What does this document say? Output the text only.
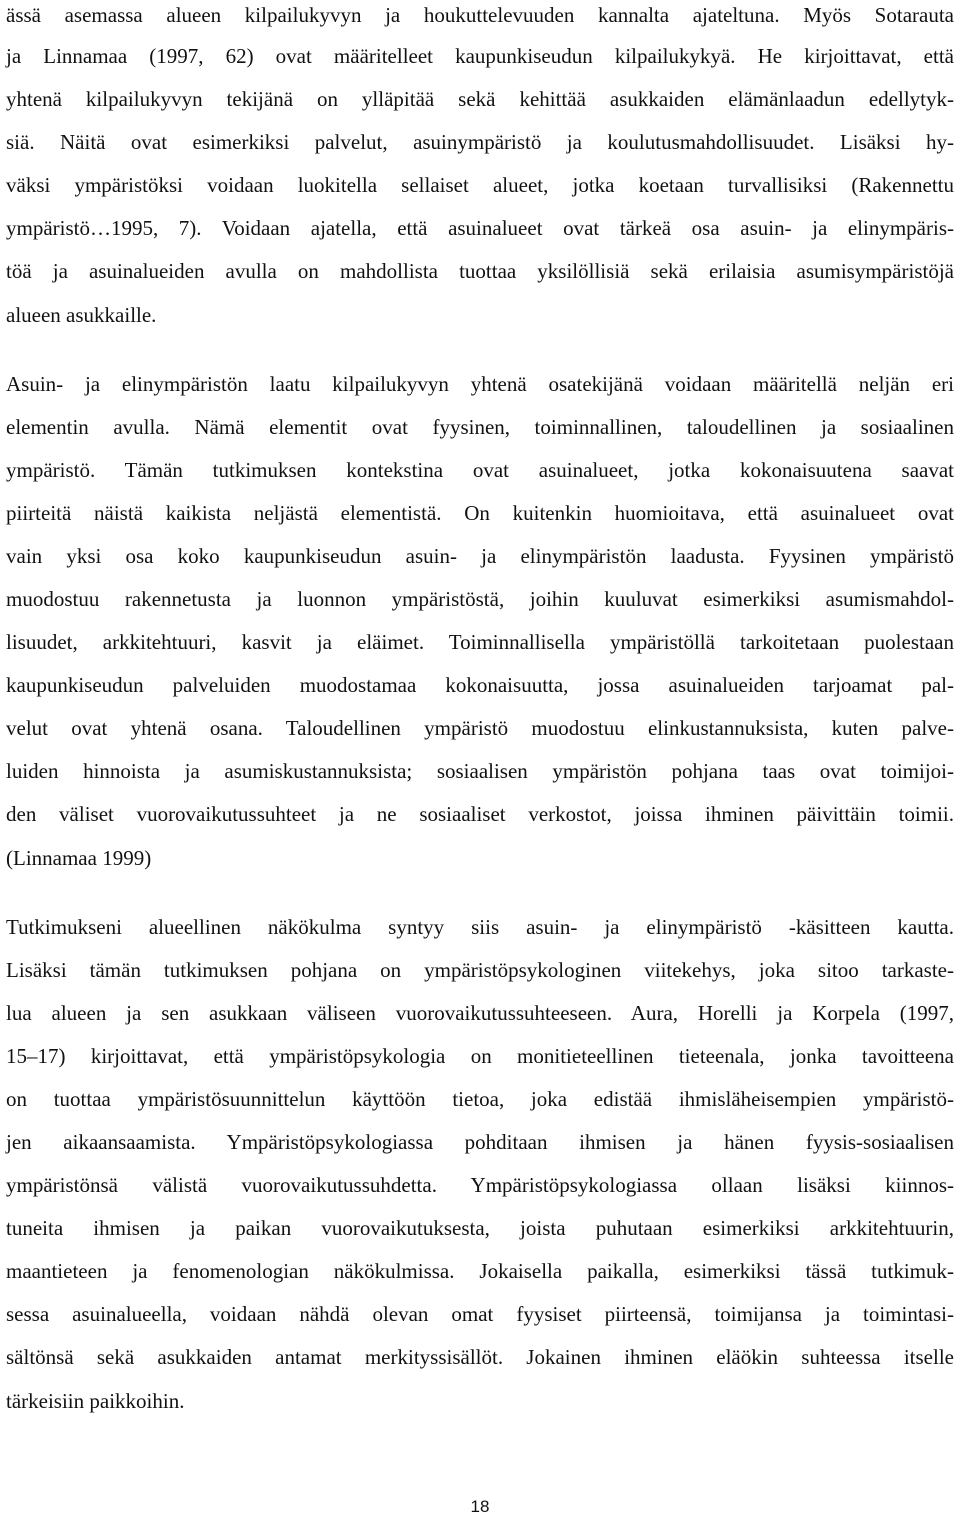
ässä asemassa alueen kilpailukyvyn ja houkuttelevuuden kannalta ajateltuna. Myös Sotarauta
ja Linnamaa (1997, 62) ovat määritelleet kaupunkiseudun kilpailukykyä. He kirjoittavat, että
yhtenä kilpailukyvyn tekijänä on ylläpitää sekä kehittää asukkaiden elämänlaadun edellytyk-
siä. Näitä ovat esimerkiksi palvelut, asuinympäristö ja koulutusmahdollisuudet. Lisäksi hy-
väksi ympäristöksi voidaan luokitella sellaiset alueet, jotka koetaan turvallisiksi (Rakennettu
ympäristö…1995, 7). Voidaan ajatella, että asuinalueet ovat tärkeä osa asuin- ja elinympäris-
töä ja asuinalueiden avulla on mahdollista tuottaa yksilöllisiä sekä erilaisia asumisympäristöjä
alueen asukkaille.
Asuin- ja elinympäristön laatu kilpailukyvyn yhtenä osatekijänä voidaan määritellä neljän eri
elementin avulla. Nämä elementit ovat fyysinen, toiminnallinen, taloudellinen ja sosiaalinen
ympäristö. Tämän tutkimuksen kontekstina ovat asuinalueet, jotka kokonaisuutena saavat
piirteitä näistä kaikista neljästä elementistä. On kuitenkin huomioitava, että asuinalueet ovat
vain yksi osa koko kaupunkiseudun asuin- ja elinympäristön laadusta. Fyysinen ympäristö
muodostuu rakennetusta ja luonnon ympäristöstä, joihin kuuluvat esimerkiksi asumismahdol-
lisuudet, arkkitehtuuri, kasvit ja eläimet. Toiminnallisella ympäristöllä tarkoitetaan puolestaan
kaupunkiseudun palveluiden muodostamaa kokonaisuutta, jossa asuinalueiden tarjoamat pal-
velut ovat yhtenä osana. Taloudellinen ympäristö muodostuu elinkustannuksista, kuten palve-
luiden hinnoista ja asumiskustannuksista; sosiaalisen ympäristön pohjana taas ovat toimijoi-
den väliset vuorovaikutussuhteet ja ne sosiaaliset verkostot, joissa ihminen päivittäin toimii.
(Linnamaa 1999)
Tutkimukseni alueellinen näkökulma syntyy siis asuin- ja elinympäristö -käsitteen kautta.
Lisäksi tämän tutkimuksen pohjana on ympäristöpsykologinen viitekehys, joka sitoo tarkaste-
lua alueen ja sen asukkaan väliseen vuorovaikutussuhteeseen. Aura, Horelli ja Korpela (1997,
15–17) kirjoittavat, että ympäristöpsykologia on monitieteellinen tieteenala, jonka tavoitteena
on tuottaa ympäristösuunnittelun käyttöön tietoa, joka edistää ihmisläheisempien ympäristö-
jen aikaansaamista. Ympäristöpsykologiassa pohditaan ihmisen ja hänen fyysis-sosiaalisen
ympäristönsä välistä vuorovaikutussuhdetta. Ympäristöpsykologiassa ollaan lisäksi kiinnos-
tuneita ihmisen ja paikan vuorovaikutuksesta, joista puhutaan esimerkiksi arkkitehtuurin,
maantieteen ja fenomenologian näkökulmissa. Jokaisella paikalla, esimerkiksi tässä tutkimuk-
sessa asuinalueella, voidaan nähdä olevan omat fyysiset piirteensä, toimijansa ja toimintasi-
sältönsä sekä asukkaiden antamat merkityssisällöt. Jokainen ihminen eläökin suhteessa itselle
tärkeisiin paikkoihin.
18
